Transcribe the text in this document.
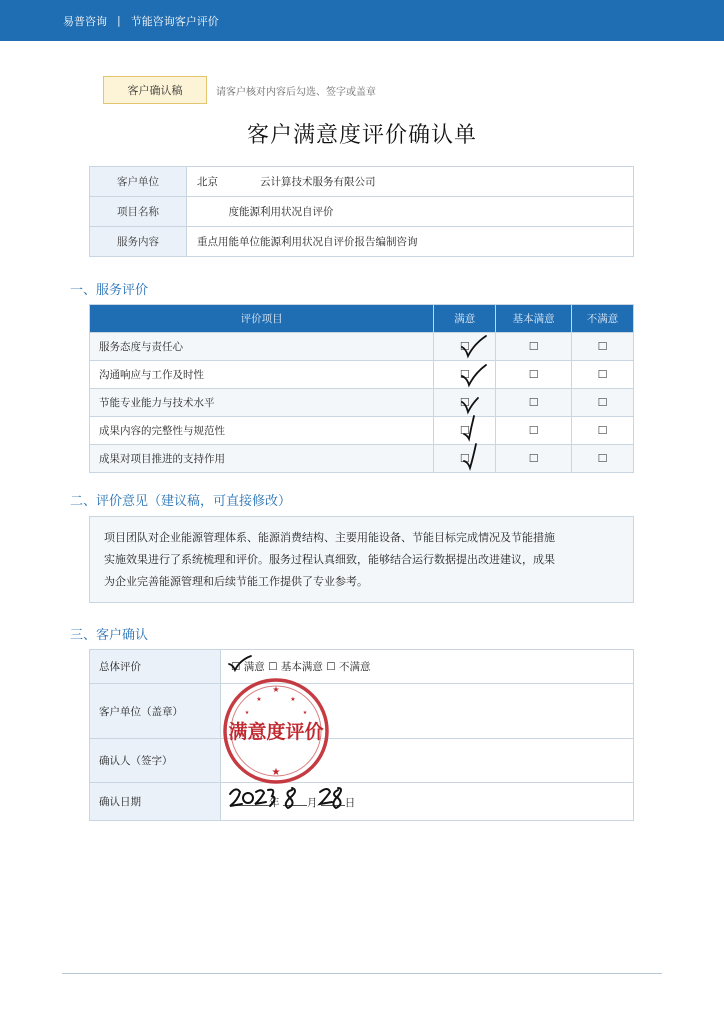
易普咨询 | 节能咨询客户评价
客户确认稿	请客户核对内容后勾选、签字或盖章
客户满意度评价确认单
客户单位	北京　　　　云计算技术服务有限公司
项目名称	　　　度能源利用状况自评价
服务内容	重点用能单位能源利用状况自评价报告编制咨询
一、服务评价
评价项目	满意	基本满意	不满意
服务态度与责任心	☐	☐	☐
沟通响应与工作及时性	☐	☐	☐
节能专业能力与技术水平	☐	☐	☐
成果内容的完整性与规范性	☐	☐	☐
成果对项目推进的支持作用	☐	☐	☐
二、评价意见（建议稿，可直接修改）
项目团队对企业能源管理体系、能源消费结构、主要用能设备、节能目标完成情况及节能措施
实施效果进行了系统梳理和评价。服务过程认真细致，能够结合运行数据提出改进建议，成果
为企业完善能源管理和后续节能工作提供了专业参考。
三、客户确认
总体评价	☐ 满意 ☐ 基本满意 ☐ 不满意

客户单位（盖章）	
确认人（签字）	
确认日期	年 月 日
★
★	★
★	★
★
满意度评价
